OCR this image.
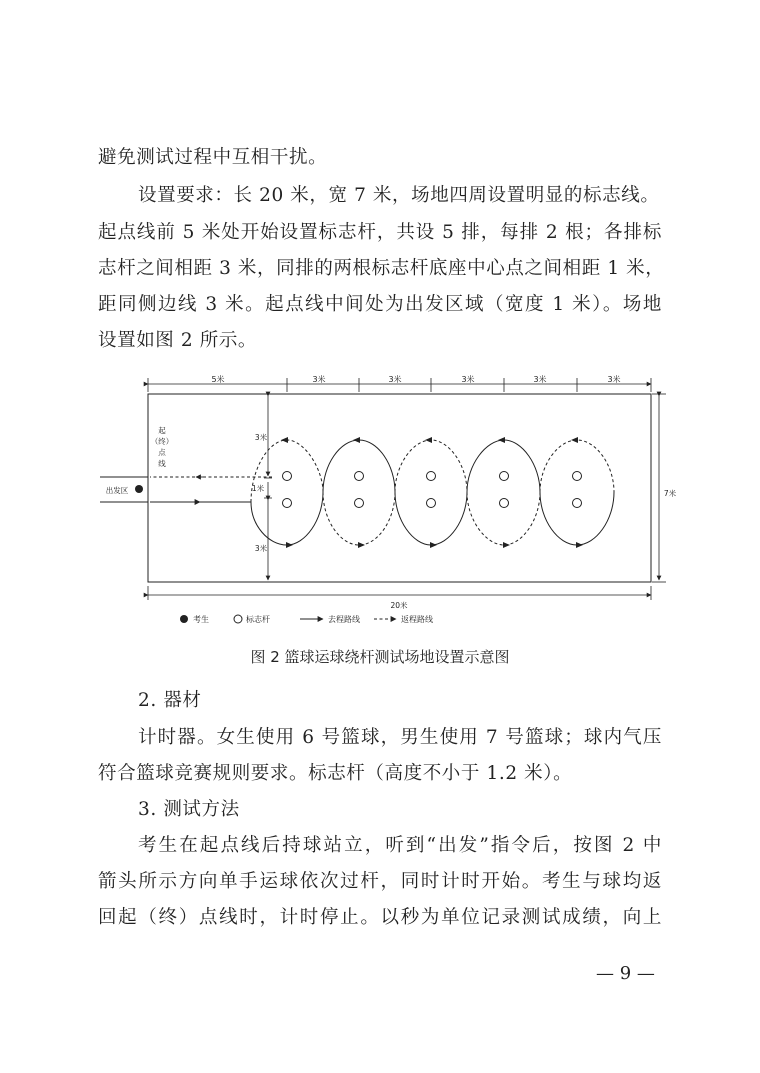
避免测试过程中互相干扰。
设置要求：长 20 米，宽 7 米，场地四周设置明显的标志线。
起点线前 5 米处开始设置标志杆，共设 5 排，每排 2 根；各排标
志杆之间相距 3 米，同排的两根标志杆底座中心点之间相距 1 米，
距同侧边线 3 米。起点线中间处为出发区域（宽度 1 米）。场地
设置如图 2 所示。
5米	3米	3米	3米	3米	3米
起
（终）
点
线
3米
1米
3米
7米
20米
出发区
考生	标志杆	去程路线	返程路线
图 2 篮球运球绕杆测试场地设置示意图
2. 器材
计时器。女生使用 6 号篮球，男生使用 7 号篮球；球内气压
符合篮球竞赛规则要求。标志杆（高度不小于 1.2 米）。
3. 测试方法
考生在起点线后持球站立，听到“出发”指令后，按图 2 中
箭头所示方向单手运球依次过杆，同时计时开始。考生与球均返
回起（终）点线时，计时停止。以秒为单位记录测试成绩，向上
— 9 —
